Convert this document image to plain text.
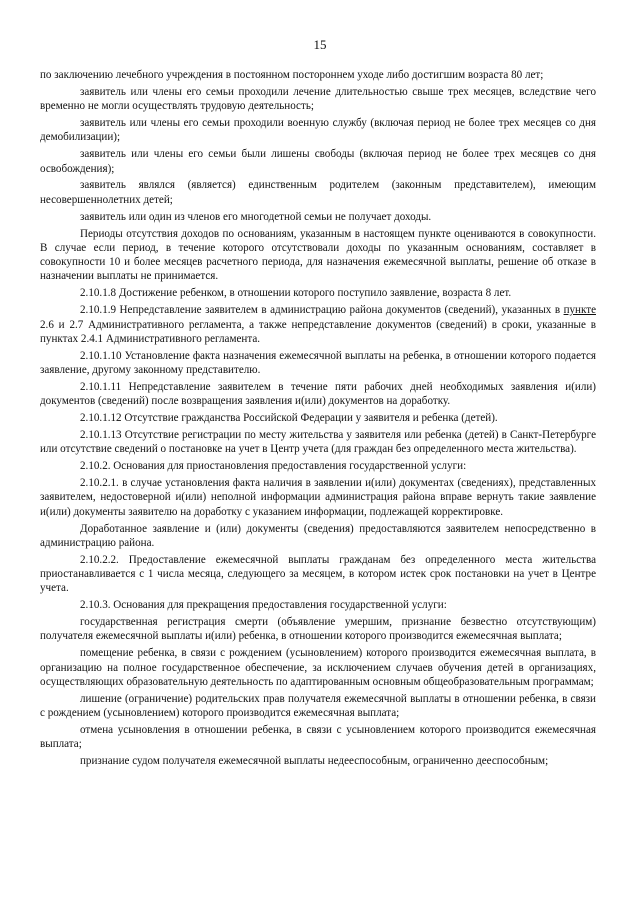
15

по заключению лечебного учреждения в постоянном постороннем уходе либо достигшим возраста 80 лет;

заявитель или члены его семьи проходили лечение длительностью свыше трех месяцев, вследствие чего временно не могли осуществлять трудовую деятельность;

заявитель или члены его семьи проходили военную службу (включая период не более трех месяцев со дня демобилизации);

заявитель или члены его семьи были лишены свободы (включая период не более трех месяцев со дня освобождения);

заявитель являлся (является) единственным родителем (законным представителем), имеющим несовершеннолетних детей;

заявитель или один из членов его многодетной семьи не получает доходы.

Периоды отсутствия доходов по основаниям, указанным в настоящем пункте оцениваются в совокупности. В случае если период, в течение которого отсутствовали доходы по указанным основаниям, составляет в совокупности 10 и более месяцев расчетного периода, для назначения ежемесячной выплаты, решение об отказе в назначении выплаты не принимается.

2.10.1.8 Достижение ребенком, в отношении которого поступило заявление, возраста 8 лет.

2.10.1.9 Непредставление заявителем в администрацию района документов (сведений), указанных в пункте 2.6 и 2.7 Административного регламента, а также непредставление документов (сведений) в сроки, указанные в пунктах 2.4.1 Административного регламента.

2.10.1.10 Установление факта назначения ежемесячной выплаты на ребенка, в отношении которого подается заявление, другому законному представителю.

2.10.1.11 Непредставление заявителем в течение пяти рабочих дней необходимых заявления и(или) документов (сведений) после возвращения заявления и(или) документов на доработку.

2.10.1.12 Отсутствие гражданства Российской Федерации у заявителя и ребенка (детей).

2.10.1.13 Отсутствие регистрации по месту жительства у заявителя или ребенка (детей) в Санкт-Петербурге или отсутствие сведений о постановке на учет в Центр учета (для граждан без определенного места жительства).

2.10.2. Основания для приостановления предоставления государственной услуги:

2.10.2.1. в случае установления факта наличия в заявлении и(или) документах (сведениях), представленных заявителем, недостоверной и(или) неполной информации администрация района вправе вернуть такие заявление и(или) документы заявителю на доработку с указанием информации, подлежащей корректировке.

Доработанное заявление и (или) документы (сведения) предоставляются заявителем непосредственно в администрацию района.

2.10.2.2. Предоставление ежемесячной выплаты гражданам без определенного места жительства приостанавливается с 1 числа месяца, следующего за месяцем, в котором истек срок постановки на учет в Центре учета.

2.10.3. Основания для прекращения предоставления государственной услуги:

государственная регистрация смерти (объявление умершим, признание безвестно отсутствующим) получателя ежемесячной выплаты и(или) ребенка, в отношении которого производится ежемесячная выплата;

помещение ребенка, в связи с рождением (усыновлением) которого производится ежемесячная выплата, в организацию на полное государственное обеспечение, за исключением случаев обучения детей в организациях, осуществляющих образовательную деятельность по адаптированным основным общеобразовательным программам;

лишение (ограничение) родительских прав получателя ежемесячной выплаты в отношении ребенка, в связи с рождением (усыновлением) которого производится ежемесячная выплата;

отмена усыновления в отношении ребенка, в связи с усыновлением которого производится ежемесячная выплата;

признание судом получателя ежемесячной выплаты недееспособным, ограниченно дееспособным;
